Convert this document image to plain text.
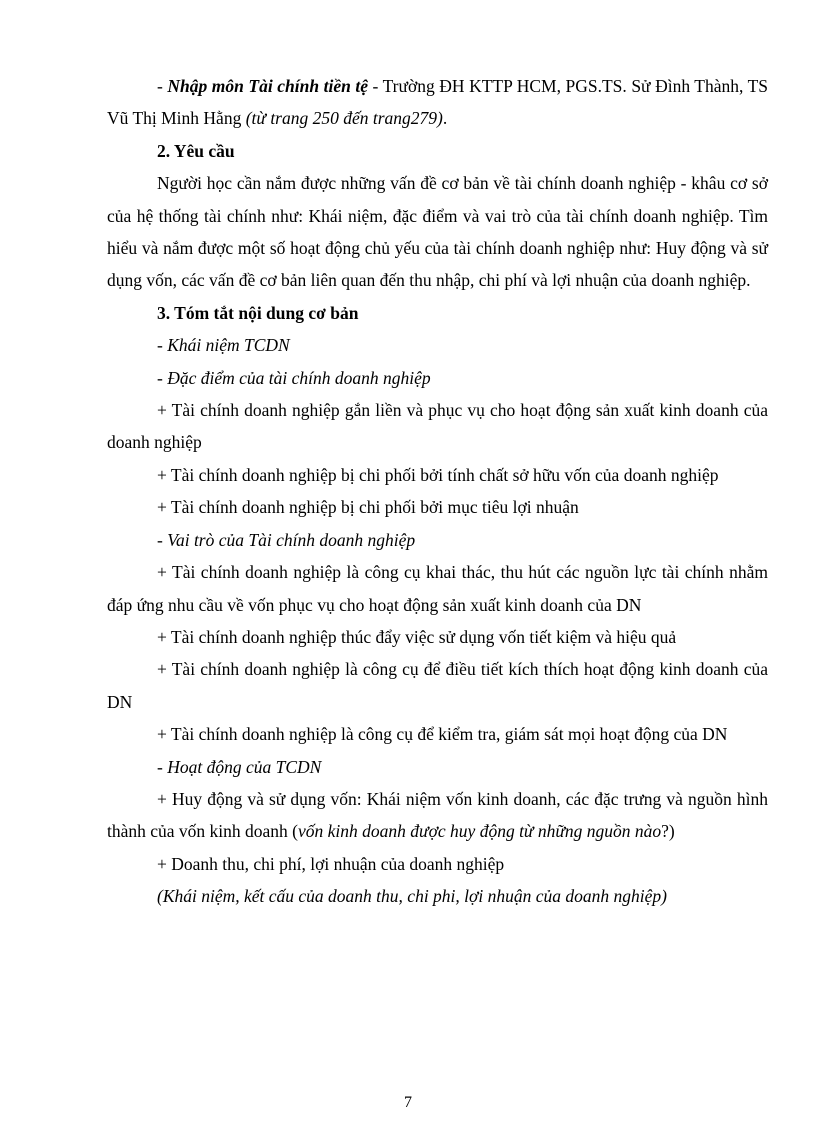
- Nhập môn Tài chính tiền tệ - Trường ĐH KTTP HCM, PGS.TS. Sử Đình Thành, TS Vũ Thị Minh Hằng (từ trang 250 đến trang279).

2. Yêu cầu

Người học cần nắm được những vấn đề cơ bản về tài chính doanh nghiệp - khâu cơ sở của hệ thống tài chính như: Khái niệm, đặc điểm và vai trò của tài chính doanh nghiệp. Tìm hiểu và nắm được một số hoạt động chủ yếu của tài chính doanh nghiệp như: Huy động và sử dụng vốn, các vấn đề cơ bản liên quan đến thu nhập, chi phí và lợi nhuận của doanh nghiệp.

3. Tóm tắt nội dung cơ bản

- Khái niệm TCDN

- Đặc điểm của tài chính doanh nghiệp

+ Tài chính doanh nghiệp gắn liền và phục vụ cho hoạt động sản xuất kinh doanh của doanh nghiệp

+ Tài chính doanh nghiệp bị chi phối bởi tính chất sở hữu vốn của doanh nghiệp

+ Tài chính doanh nghiệp bị chi phối bởi mục tiêu lợi nhuận

- Vai trò của Tài chính doanh nghiệp

+ Tài chính doanh nghiệp là công cụ khai thác, thu hút các nguồn lực tài chính nhằm đáp ứng nhu cầu về vốn phục vụ cho hoạt động sản xuất kinh doanh của DN

+ Tài chính doanh nghiệp thúc đẩy việc sử dụng vốn tiết kiệm và hiệu quả

+ Tài chính doanh nghiệp là công cụ để điều tiết kích thích hoạt động kinh doanh của DN

+ Tài chính doanh nghiệp là công cụ để kiểm tra, giám sát mọi hoạt động của DN

- Hoạt động của TCDN

+ Huy động và sử dụng vốn: Khái niệm vốn kinh doanh, các đặc trưng và nguồn hình thành của vốn kinh doanh (vốn kinh doanh được huy động từ những nguồn nào?)

+ Doanh thu, chi phí, lợi nhuận của doanh nghiệp

(Khái niệm, kết cấu của doanh thu, chi phi, lợi nhuận của doanh nghiệp)

7
